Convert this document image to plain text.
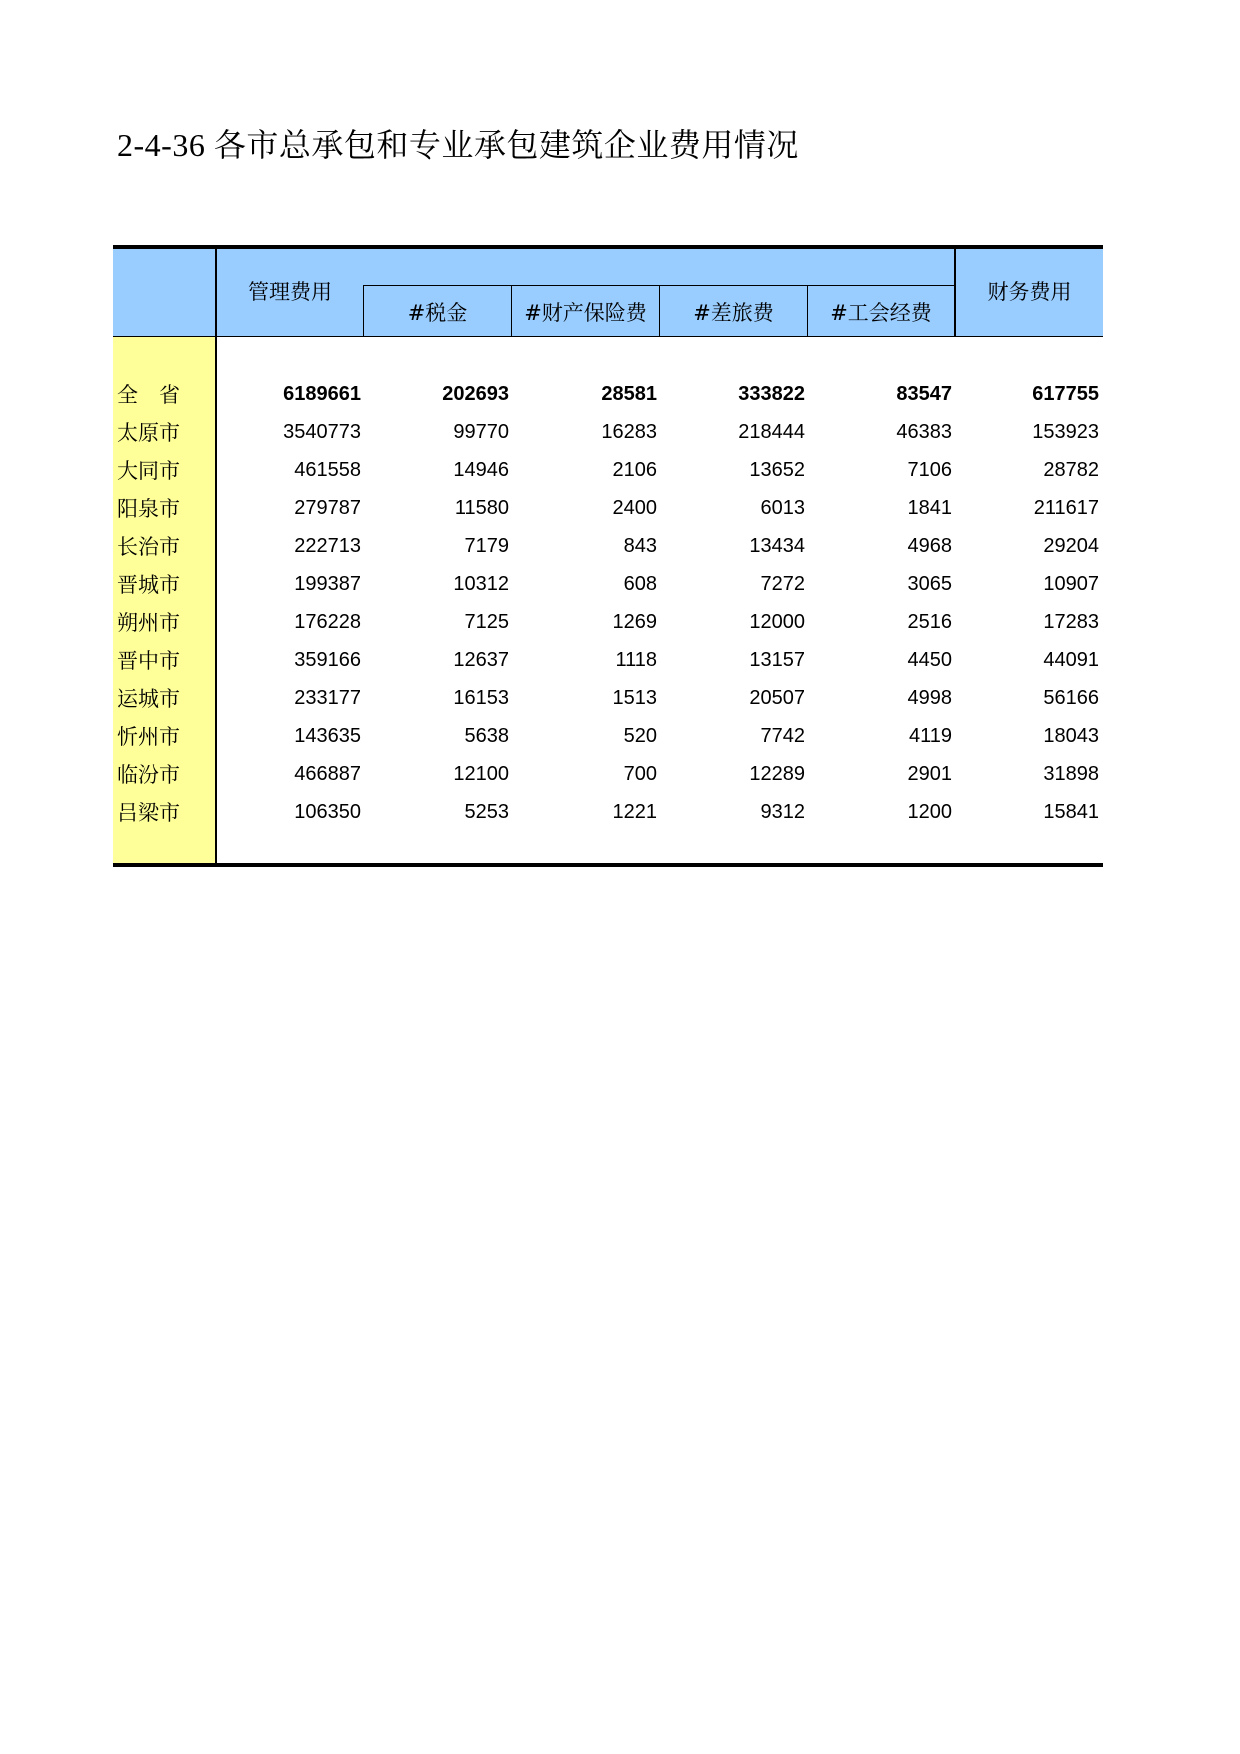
2-4-36 各市总承包和专业承包建筑企业费用情况
管理费用
#税金	#财产保险费	#差旅费	#工会经费
财务费用
全　省	6189661	202693	28581	333822	83547	617755
太原市	3540773	99770	16283	218444	46383	153923
大同市	461558	14946	2106	13652	7106	28782
阳泉市	279787	11580	2400	6013	1841	211617
长治市	222713	7179	843	13434	4968	29204
晋城市	199387	10312	608	7272	3065	10907
朔州市	176228	7125	1269	12000	2516	17283
晋中市	359166	12637	1118	13157	4450	44091
运城市	233177	16153	1513	20507	4998	56166
忻州市	143635	5638	520	7742	4119	18043
临汾市	466887	12100	700	12289	2901	31898
吕梁市	106350	5253	1221	9312	1200	15841
